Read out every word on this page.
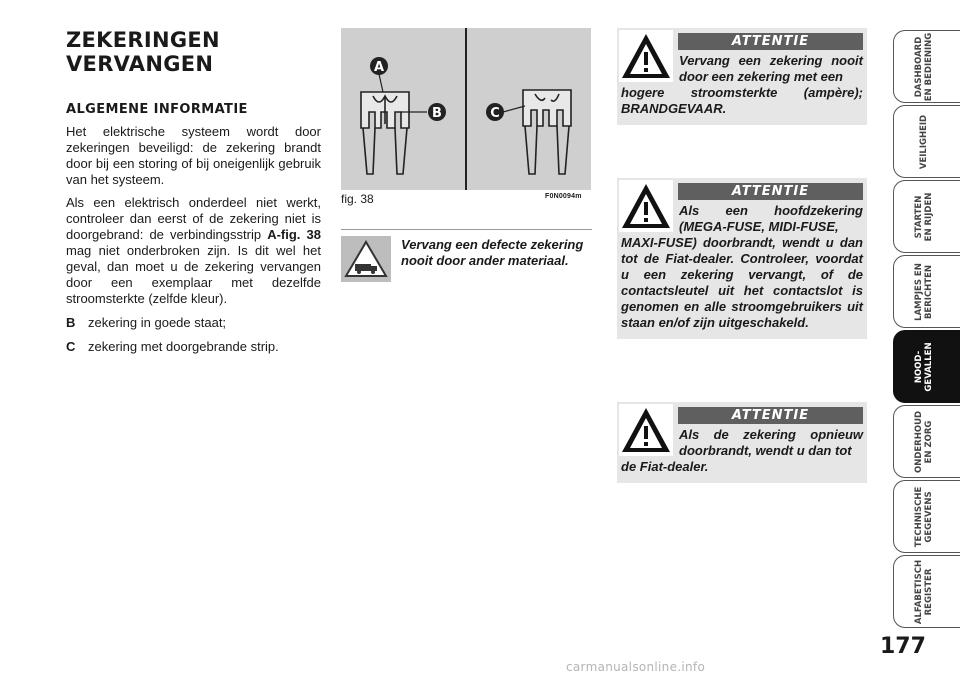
ZEKERINGEN
VERVANGEN
ALGEMENE INFORMATIE

Het elektrische systeem wordt door zekeringen beveiligd: de zekering brandt door bij een storing of bij oneigenlijk gebruik van het systeem.

Als een elektrisch onderdeel niet werkt, controleer dan eerst of de zekering niet is doorgebrand: de verbindingsstrip A-fig. 38 mag niet onderbroken zijn. Is dit wel het geval, dan moet u de zekering vervangen door een exemplaar met dezelfde stroomsterkte (zelfde kleur).

B zekering in goede staat;
C zekering met doorgebrande strip.
A
B	C
fig. 38	F0N0094m

Vervang een defecte zekering nooit door ander materiaal.

ATTENTIE

Vervang een zekering nooit door een zekering met een
hogere stroomsterkte (ampère); BRANDGEVAAR.

ATTENTIE

Als een hoofdzekering (MEGA-FUSE, MIDI-FUSE,
MAXI-FUSE) doorbrandt, wendt u dan tot de Fiat-dealer. Controleer, voordat u een zekering vervangt, of de contactsleutel uit het contactslot is genomen en alle stroomgebruikers uit staan en/of zijn uitgeschakeld.

ATTENTIE

Als de zekering opnieuw doorbrandt, wendt u dan tot
de Fiat-dealer.

DASHBOARD
EN BEDIENING
VEILIGHEID
STARTEN
EN RIJDEN
LAMPJES EN
BERICHTEN
NOOD-
GEVALLEN
ONDERHOUD
EN ZORG
TECHNISCHE
GEGEVENS
ALFABETISCH
REGISTER
177
carmanualsonline.info
